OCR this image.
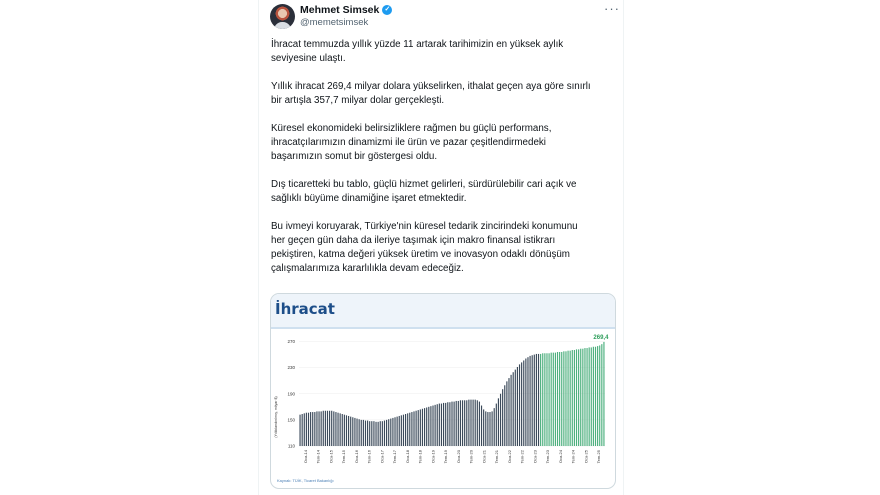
Mehmet Simsek ✓
@memetsimsek
···

İhracat temmuzda yıllık yüzde 11 artarak tarihimizin en yüksek aylık
seviyesine ulaştı.

Yıllık ihracat 269,4 milyar dolara yükselirken, ithalat geçen aya göre sınırlı
bir artışla 357,7 milyar dolar gerçekleşti.

Küresel ekonomideki belirsizliklere rağmen bu güçlü performans,
ihracatçılarımızın dinamizmi ile ürün ve pazar çeşitlendirmedeki
başarımızın somut bir göstergesi oldu.

Dış ticaretteki bu tablo, güçlü hizmet gelirleri, sürdürülebilir cari açık ve
sağlıklı büyüme dinamiğine işaret etmektedir.

Bu ivmeyi koruyarak, Türkiye'nin küresel tedarik zincirindeki konumunu
her geçen gün daha da ileriye taşımak için makro finansal istikrarı
pekiştiren, katma değeri yüksek üretim ve inovasyon odaklı dönüşüm
çalışmalarımıza kararlılıkla devam edeceğiz.

İhracat
(Yıllıklandırılmış, milyar $)
110
150
190
230
270
Oca-14 Tem-14 Oca-15 Tem-15 Oca-16 Tem-16 Oca-17 Tem-17 Oca-18 Tem-18 Oca-19 Tem-19 Oca-20 Tem-20 Oca-21 Tem-21 Oca-22 Tem-22 Oca-23 Tem-23 Oca-24 Tem-24 Oca-25 Tem-25
269,4
Kaynak: TÜİK, Ticaret Bakanlığı
